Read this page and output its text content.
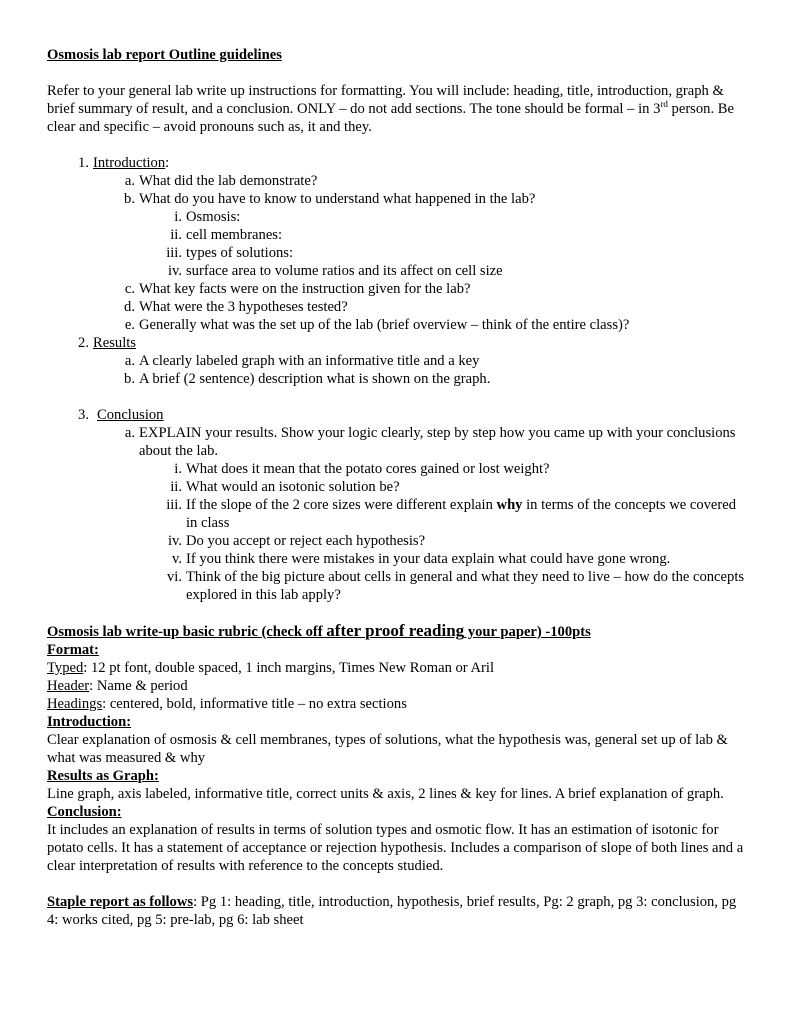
Osmosis lab report Outline guidelines

Refer to your general lab write up instructions for formatting. You will include: heading, title, introduction, graph & brief summary of result, and a conclusion. ONLY – do not add sections. The tone should be formal – in 3rd person. Be clear and specific – avoid pronouns such as, it and they.

1. Introduction:
a. What did the lab demonstrate?
b. What do you have to know to understand what happened in the lab?
i. Osmosis:
ii. cell membranes:
iii. types of solutions:
iv. surface area to volume ratios and its affect on cell size
c. What key facts were on the instruction given for the lab?
d. What were the 3 hypotheses tested?
e. Generally what was the set up of the lab (brief overview – think of the entire class)?
2. Results
a. A clearly labeled graph with an informative title and a key
b. A brief (2 sentence) description what is shown on the graph.
3. Conclusion
a. EXPLAIN your results. Show your logic clearly, step by step how you came up with your conclusions about the lab.
i. What does it mean that the potato cores gained or lost weight?
ii. What would an isotonic solution be?
iii. If the slope of the 2 core sizes were different explain why in terms of the concepts we covered in class
iv. Do you accept or reject each hypothesis?
v. If you think there were mistakes in your data explain what could have gone wrong.
vi. Think of the big picture about cells in general and what they need to live – how do the concepts explored in this lab apply?

Osmosis lab write-up basic rubric (check off after proof reading your paper) -100pts

Format:

Typed: 12 pt font, double spaced, 1 inch margins, Times New Roman or Aril

Header: Name & period

Headings: centered, bold, informative title – no extra sections

Introduction:

Clear explanation of osmosis & cell membranes, types of solutions, what the hypothesis was, general set up of lab & what was measured & why

Results as Graph:

Line graph, axis labeled, informative title, correct units & axis, 2 lines & key for lines. A brief explanation of graph.

Conclusion:

It includes an explanation of results in terms of solution types and osmotic flow. It has an estimation of isotonic for potato cells. It has a statement of acceptance or rejection hypothesis. Includes a comparison of slope of both lines and a clear interpretation of results with reference to the concepts studied.

Staple report as follows: Pg 1: heading, title, introduction, hypothesis, brief results, Pg: 2 graph, pg 3: conclusion, pg 4: works cited, pg 5: pre-lab, pg 6: lab sheet
